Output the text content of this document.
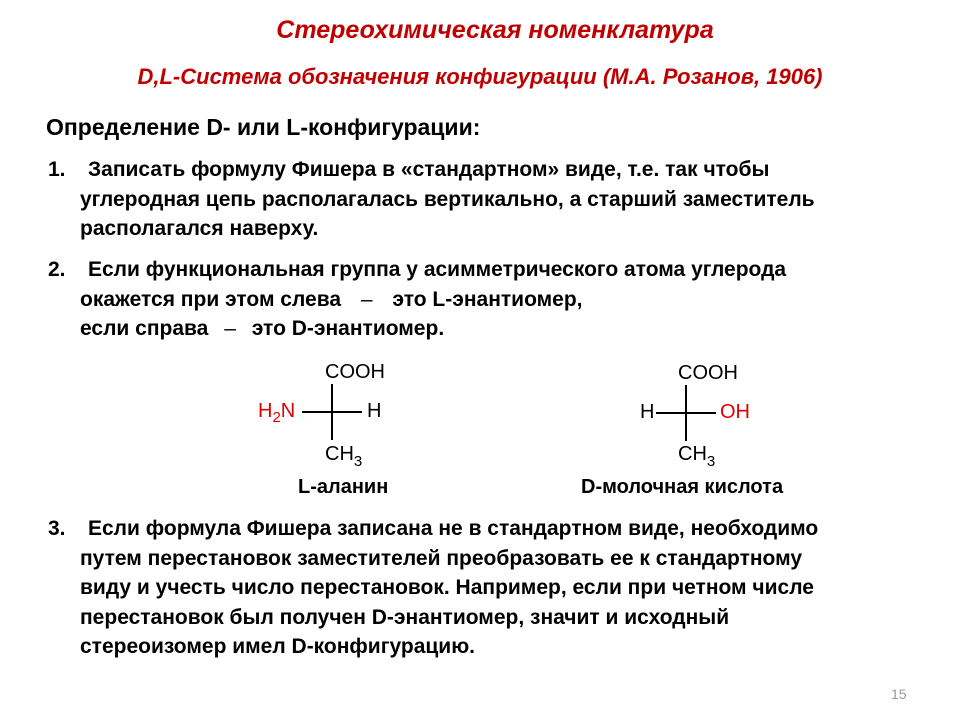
Стереохимическая номенклатура
D,L-Система обозначения конфигурации (М.А. Розанов, 1906)
Определение D- или L-конфигурации:
1. Записать формулу Фишера в «стандартном» виде, т.е. так чтобы
углеродная цепь располагалась вертикально, а старший заместитель
располагался наверху.
2. Если функциональная группа у асимметрического атома углерода
окажется при этом слева – это L-энантиомер,
если справа – это D-энантиомер.
COOH
$H_2N$	H
$CH_3$
L-аланин
COOH
H	OH
$CH_3$
D-молочная кислота
3. Если формула Фишера записана не в стандартном виде, необходимо
путем перестановок заместителей преобразовать ее к стандартному
виду и учесть число перестановок. Например, если при четном числе
перестановок был получен D-энантиомер, значит и исходный
стереоизомер имел D-конфигурацию.
15
